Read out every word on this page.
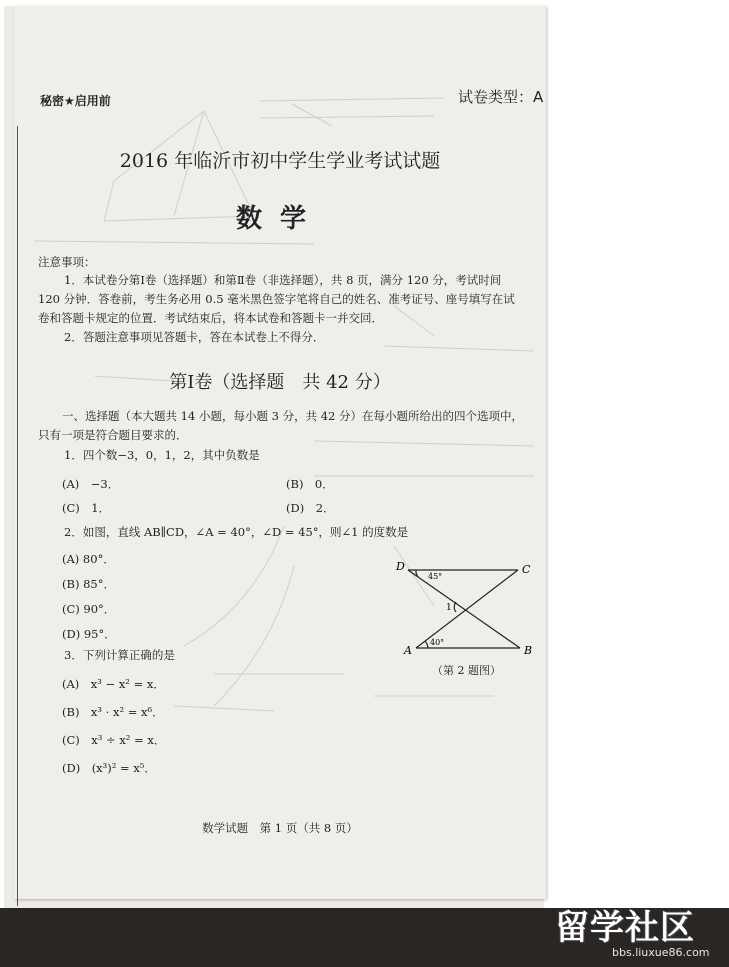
秘密★启用前	试卷类型：A
2016 年临沂市初中学生学业考试试题
数学
注意事项：
1．本试卷分第Ⅰ卷（选择题）和第Ⅱ卷（非选择题），共 8 页，满分 120 分，考试时间
120 分钟．答卷前，考生务必用 0.5 毫米黑色签字笔将自己的姓名、准考证号、座号填写在试
卷和答题卡规定的位置．考试结束后，将本试卷和答题卡一并交回．
2．答题注意事项见答题卡，答在本试卷上不得分．
第Ⅰ卷（选择题　共 42 分）
一、选择题（本大题共 14 小题，每小题 3 分，共 42 分）在每小题所给出的四个选项中，
只有一项是符合题目要求的．
1．四个数−3，0，1，2，其中负数是
(A)　−3．	(B)　0．
(C)　1．	(D)　2．
2．如图，直线 AB∥CD，∠A = 40°，∠D = 45°，则∠1 的度数是
(A) 80°．
(B) 85°．
(C) 90°．
(D) 95°．
D	C
A	B
1
45°
40°
（第 2 题图）
3．下列计算正确的是
(A)　x³ − x² = x．
(B)　x³ · x² = x⁶．
(C)　x³ ÷ x² = x．
(D)　(x³)² = x⁵．
数学试题　第 1 页（共 8 页）
留学社区
bbs.liuxue86.com
